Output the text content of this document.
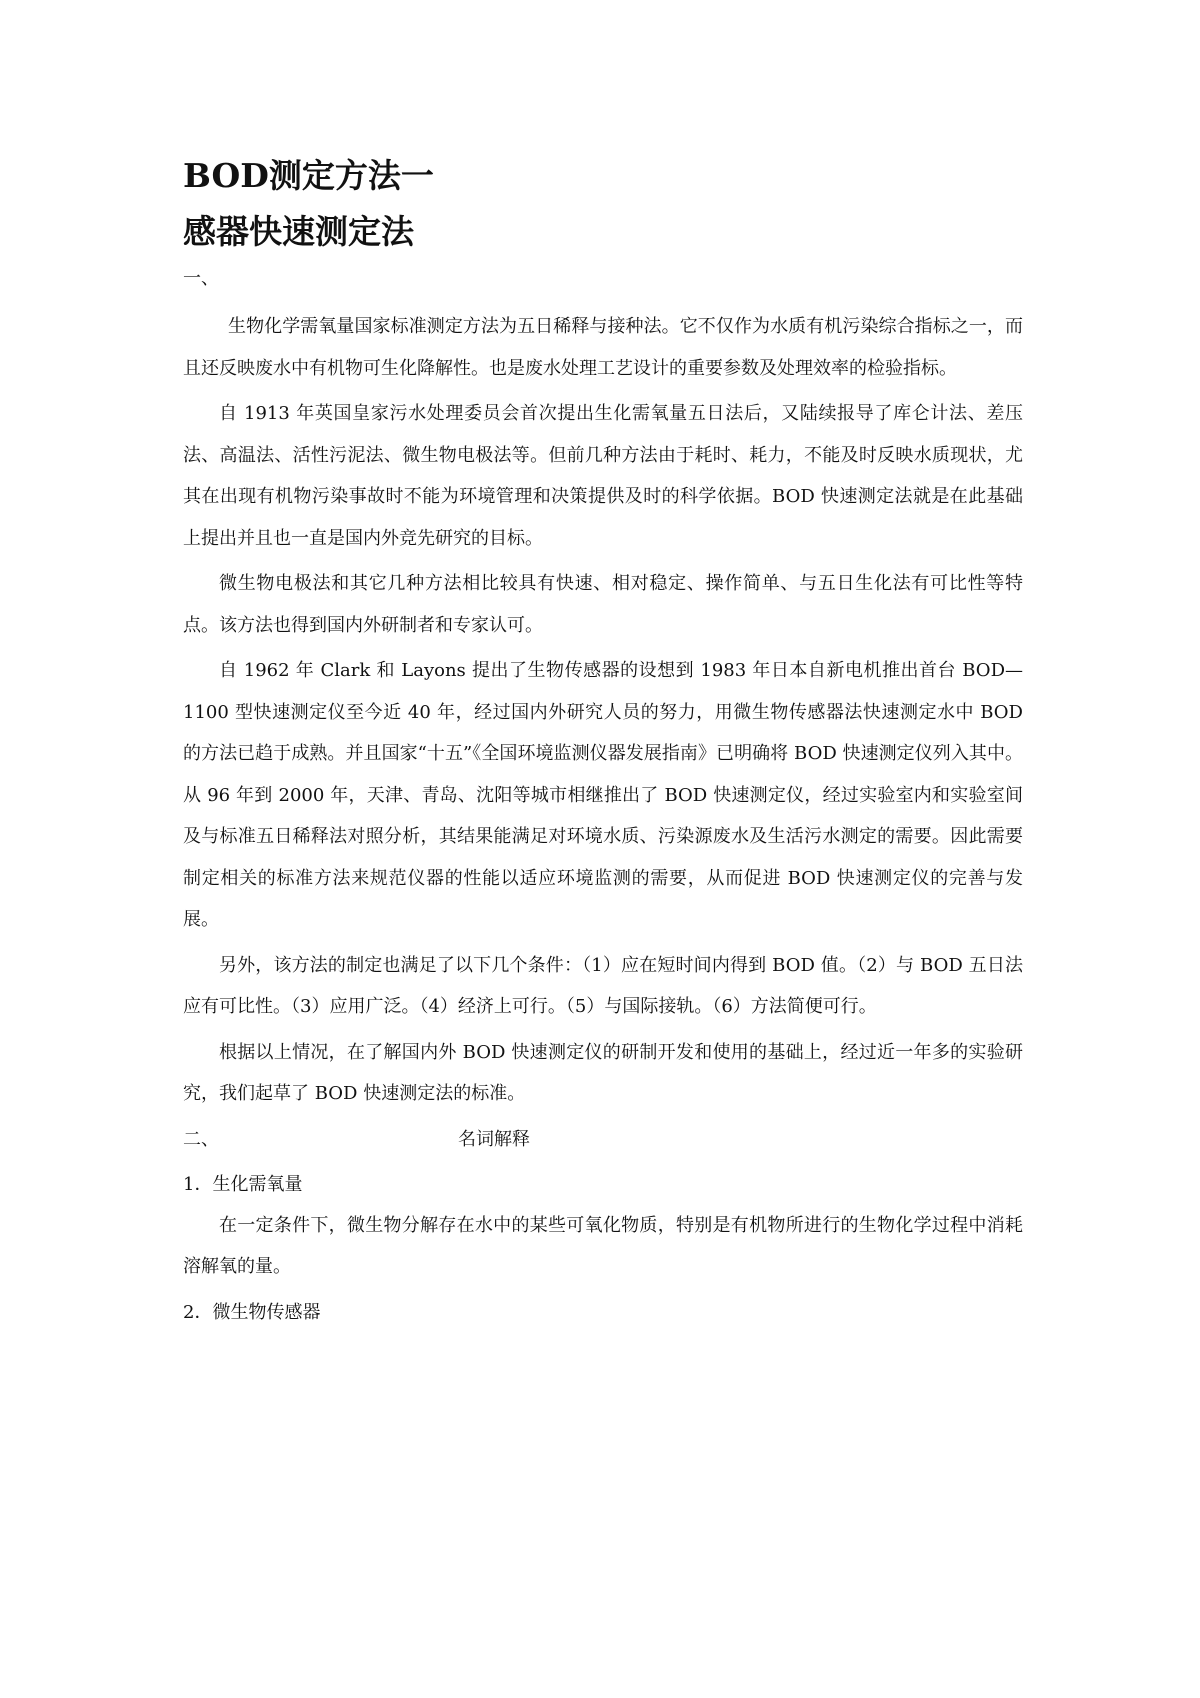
BOD测定方法一
感器快速测定法
一、

生物化学需氧量国家标准测定方法为五日稀释与接种法。它不仅作为水质有机污染综合指标之一，而且还反映废水中有机物可生化降解性。也是废水处理工艺设计的重要参数及处理效率的检验指标。

自 1913 年英国皇家污水处理委员会首次提出生化需氧量五日法后，又陆续报导了库仑计法、差压法、高温法、活性污泥法、微生物电极法等。但前几种方法由于耗时、耗力，不能及时反映水质现状，尤其在出现有机物污染事故时不能为环境管理和决策提供及时的科学依据。BOD 快速测定法就是在此基础上提出并且也一直是国内外竞先研究的目标。

微生物电极法和其它几种方法相比较具有快速、相对稳定、操作简单、与五日生化法有可比性等特点。该方法也得到国内外研制者和专家认可。

自 1962 年 Clark 和 Layons 提出了生物传感器的设想到 1983 年日本自新电机推出首台 BOD—1100 型快速测定仪至今近 40 年，经过国内外研究人员的努力，用微生物传感器法快速测定水中 BOD 的方法已趋于成熟。并且国家“十五”《全国环境监测仪器发展指南》已明确将 BOD 快速测定仪列入其中。从 96 年到 2000 年，天津、青岛、沈阳等城市相继推出了 BOD 快速测定仪，经过实验室内和实验室间及与标准五日稀释法对照分析，其结果能满足对环境水质、污染源废水及生活污水测定的需要。因此需要制定相关的标准方法来规范仪器的性能以适应环境监测的需要，从而促进 BOD 快速测定仪的完善与发展。

另外，该方法的制定也满足了以下几个条件：（1）应在短时间内得到 BOD 值。（2）与 BOD 五日法应有可比性。（3）应用广泛。（4）经济上可行。（5）与国际接轨。（6）方法简便可行。

根据以上情况，在了解国内外 BOD 快速测定仪的研制开发和使用的基础上，经过近一年多的实验研究，我们起草了 BOD 快速测定法的标准。

二、	名词解释
1．生化需氧量

在一定条件下，微生物分解存在水中的某些可氧化物质，特别是有机物所进行的生物化学过程中消耗溶解氧的量。

2．微生物传感器
